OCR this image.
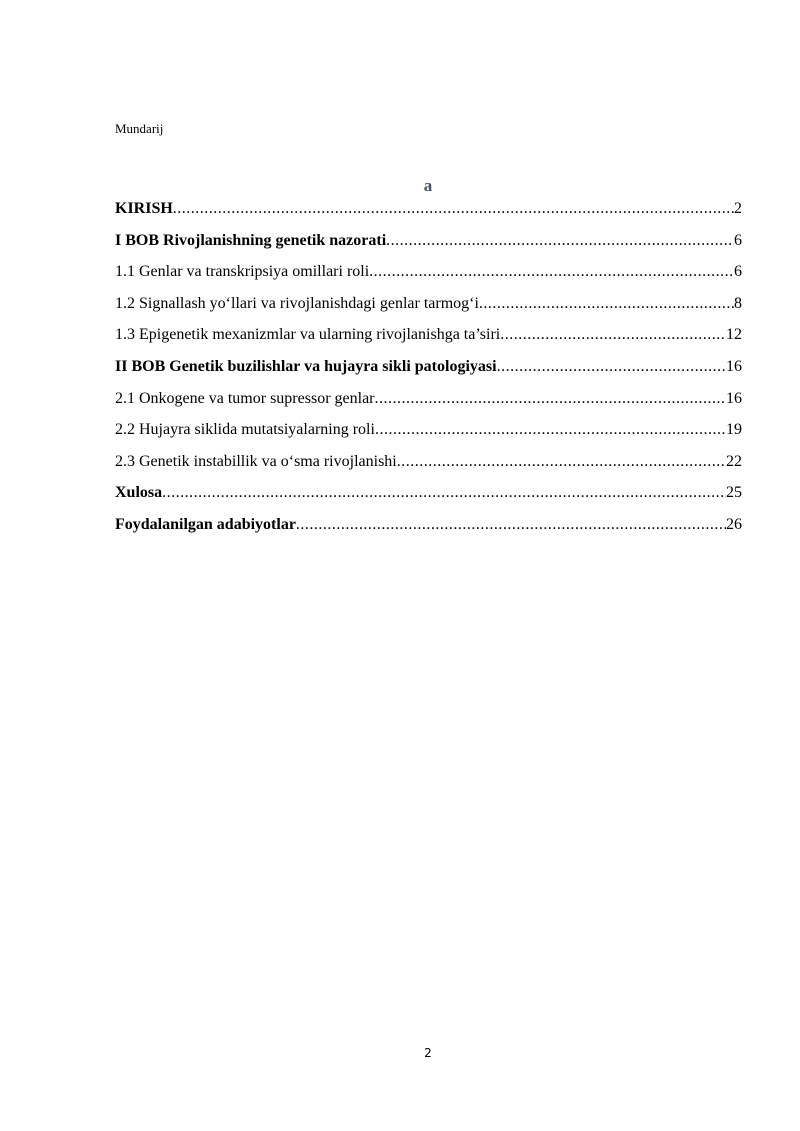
Mundarij
a
KIRISH .....	2
I BOB Rivojlanishning genetik nazorati .....	6
1.1 Genlar va transkripsiya omillari roli .....	6
1.2 Signallash yo‘llari va rivojlanishdagi genlar tarmog‘i .....	8
1.3 Epigenetik mexanizmlar va ularning rivojlanishga ta’siri .....	12
II BOB Genetik buzilishlar va hujayra sikli patologiyasi .....	16
2.1 Onkogene va tumor supressor genlar .....	16
2.2 Hujayra siklida mutatsiyalarning roli .....	19
2.3 Genetik instabillik va o‘sma rivojlanishi .....	22
Xulosa .....	25
Foydalanilgan adabiyotlar .....	26
2
